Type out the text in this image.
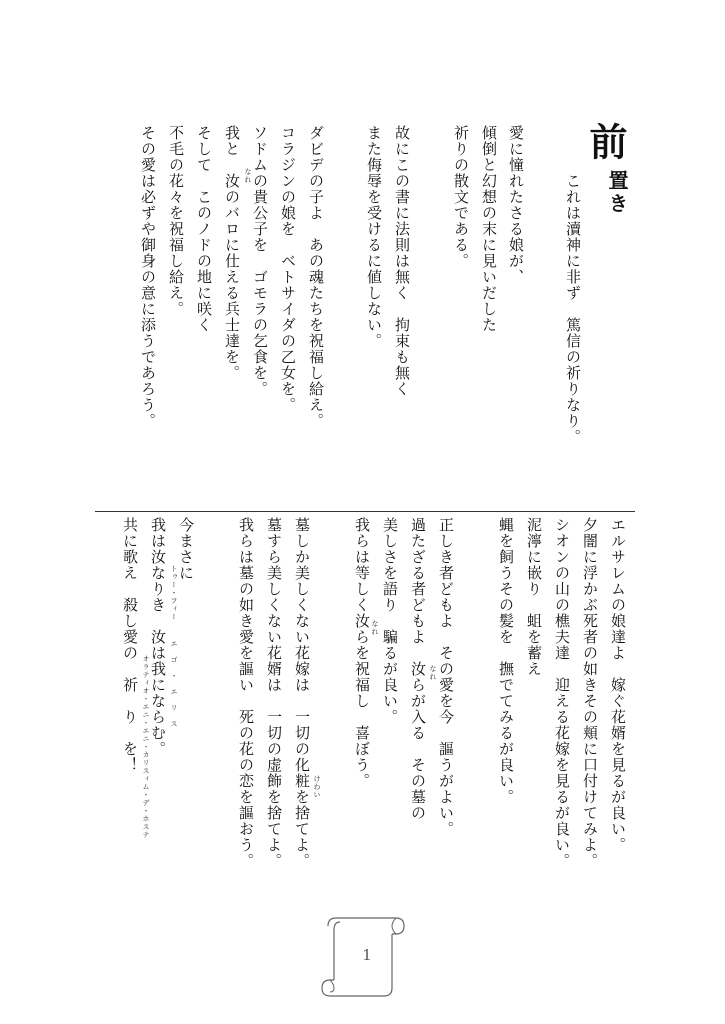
前
置き
これは瀆神に非ず　篤信の祈りなり。
愛に憧れたさる娘が、
傾倒と幻想の末に見いだした
祈りの散文である。
故にこの書に法則は無く　拘束も無く
また侮辱を受けるに値しない。
ダビデの子よ　あの魂たちを祝福し給え。
コラジンの娘を　ベトサイダの乙女を。
ソドムの貴公子を　ゴモラの乞食を。
我と　汝のバロに仕える兵士達を。
そして　このノドの地に咲く
不毛の花々を祝福し給え。
その愛は必ずや御身の意に添うであろう。	なれ
エルサレムの娘達よ　嫁ぐ花婿を見るが良い。
夕闇に浮かぶ死者の如きその頬に口付けてみよ。
シオンの山の樵夫達　迎える花嫁を見るが良い。
泥濘に嵌り　蛆を蓄え
蝿を飼うその髪を　撫でてみるが良い。
正しき者どもよ　その愛を今　謳うがよい。
過たざる者どもよ　汝らが入る　その墓の
美しさを語り　騙るが良い。
我らは等しく汝らを祝福し　喜ぼう。
墓しか美しくない花嫁は　一切の化粧を捨てよ。
墓すら美しくない花婿は　一切の虚飾を捨てよ。
我らは墓の如き愛を謳い　死の花の恋を謳おう。
今まさに
我は汝なりき　汝は我にならむ。
共に歌え　殺し愛の　祈　り　を！	なれ
なれ
けわい
トゥー・フィー
エ　ゴ　・　エ　リ　ス
オラティオ・エニ・エニ・カリスィム・デ・ホステ
1
